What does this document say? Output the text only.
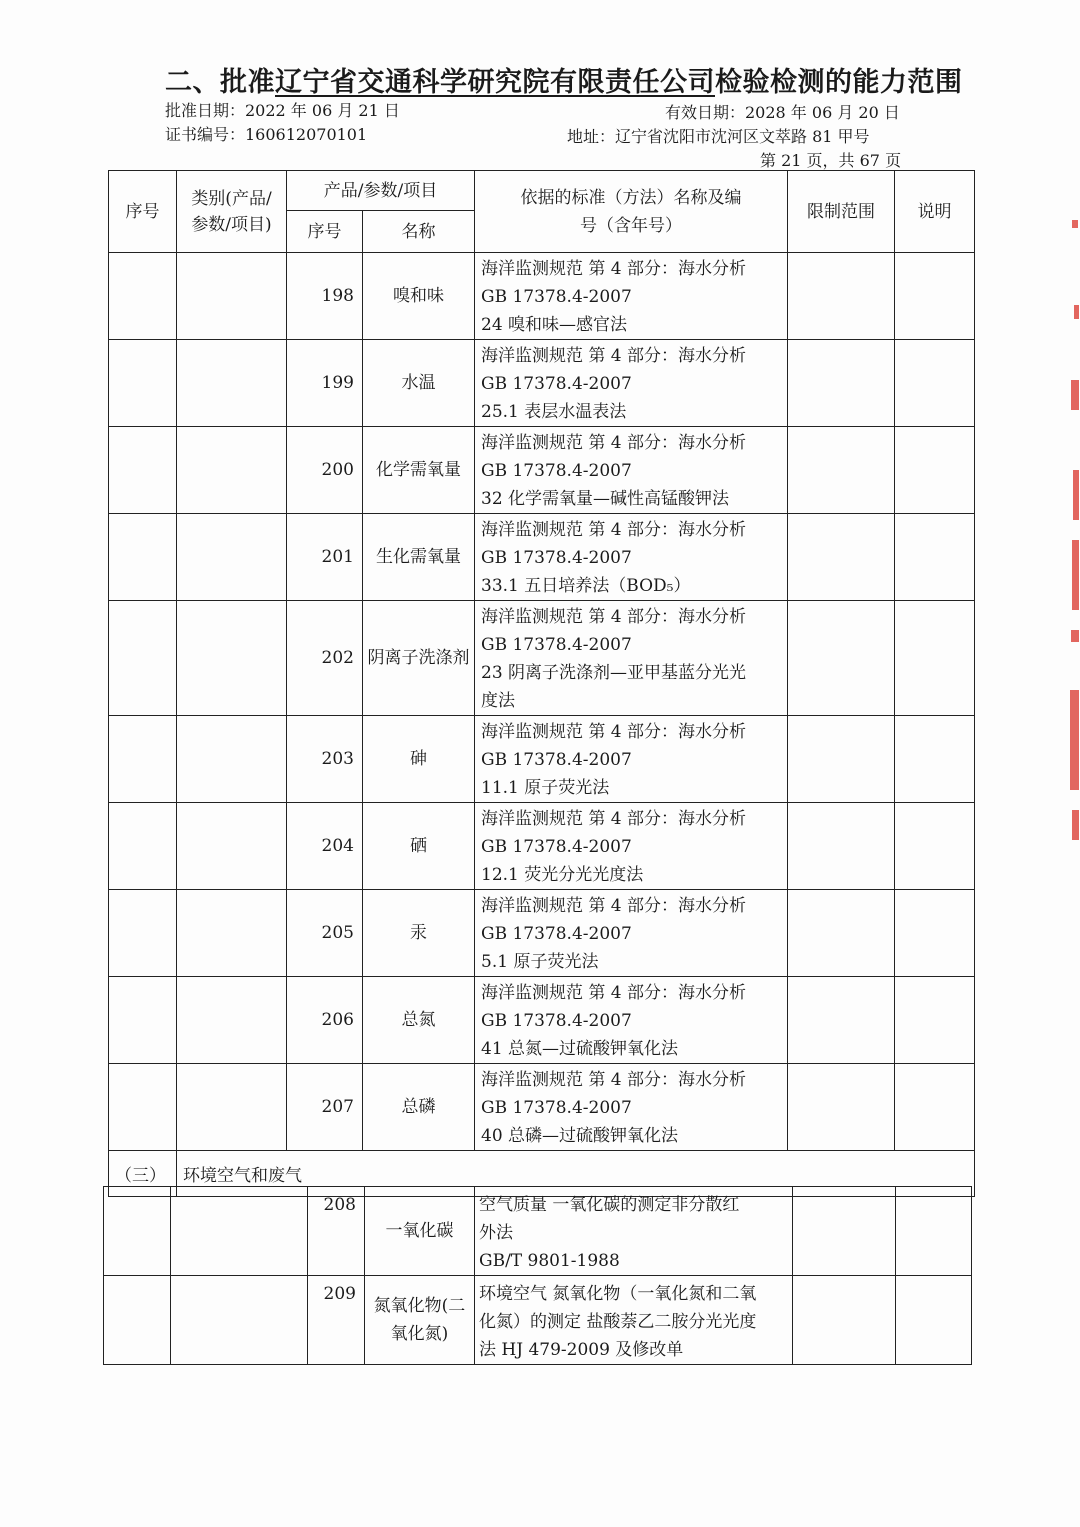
二、批准辽宁省交通科学研究院有限责任公司检验检测的能力范围
批准日期：2022 年 06 月 21 日	有效日期：2028 年 06 月 20 日
证书编号：160612070101	地址：辽宁省沈阳市沈河区文萃路 81 甲号
第 21 页，共 67 页
序号	类别(产品/参数/项目)	产品/参数/项目		依据的标准（方法）名称及编号（含年号）	限制范围	说明
		序号	名称			
		198	嗅和味	海洋监测规范 第 4 部分：海水分析
GB 17378.4-2007
24 嗅和味—感官法		

		199	水温	海洋监测规范 第 4 部分：海水分析
GB 17378.4-2007
25.1 表层水温表法		

		200	化学需氧量	海洋监测规范 第 4 部分：海水分析
GB 17378.4-2007
32 化学需氧量—碱性高锰酸钾法		

		201	生化需氧量	海洋监测规范 第 4 部分：海水分析
GB 17378.4-2007
33.1 五日培养法（BOD₅）		

		202	阴离子洗涤剂	海洋监测规范 第 4 部分：海水分析
GB 17378.4-2007
23 阴离子洗涤剂—亚甲基蓝分光光
度法		

		203	砷	海洋监测规范 第 4 部分：海水分析
GB 17378.4-2007
11.1 原子荧光法		

		204	硒	海洋监测规范 第 4 部分：海水分析
GB 17378.4-2007
12.1 荧光分光光度法		

		205	汞	海洋监测规范 第 4 部分：海水分析
GB 17378.4-2007
5.1 原子荧光法		

		206	总氮	海洋监测规范 第 4 部分：海水分析
GB 17378.4-2007
41 总氮—过硫酸钾氧化法		

		207	总磷	海洋监测规范 第 4 部分：海水分析
GB 17378.4-2007
40 总磷—过硫酸钾氧化法		

（三）	环境空气和废气					
		208	一氧化碳	空气质量 一氧化碳的测定非分散红
外法
GB/T 9801-1988		

		209	氮氧化物(二氧化氮)	环境空气 氮氧化物（一氧化氮和二氧
化氮）的测定 盐酸萘乙二胺分光光度
法 HJ 479-2009 及修改单		
